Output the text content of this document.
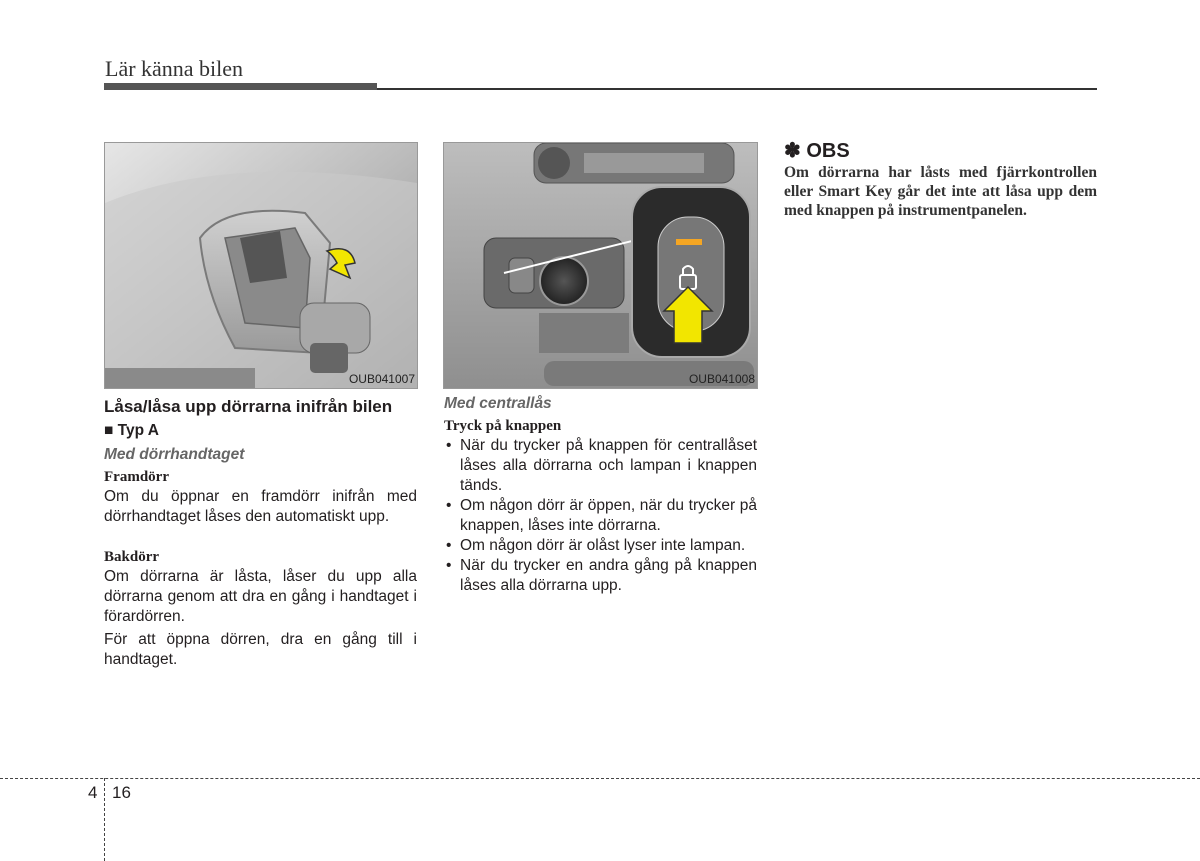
Lär känna bilen
OUB041007	OUB041008
Låsa/låsa upp dörrarna inifrån bilen
■ Typ A
Med dörrhandtaget
Framdörr

Om du öppnar en framdörr inifrån med dörrhandtaget låses den automatiskt upp.

Bakdörr

Om dörrarna är låsta, låser du upp alla dörrarna genom att dra en gång i handtaget i förardörren.

För att öppna dörren, dra en gång till i handtaget.

Med centrallås
Tryck på knappen
• När du trycker på knappen för centrallåset låses alla dörrarna och lampan i knappen tänds.
• Om någon dörr är öppen, när du trycker på knappen, låses inte dörrarna.
• Om någon dörr är olåst lyser inte lampan.
• När du trycker en andra gång på knappen låses alla dörrarna upp.
✽ OBS
Om dörrarna har låsts med fjärrkontrollen eller Smart Key går det inte att låsa upp dem med knappen på instrumentpanelen.
4 16
